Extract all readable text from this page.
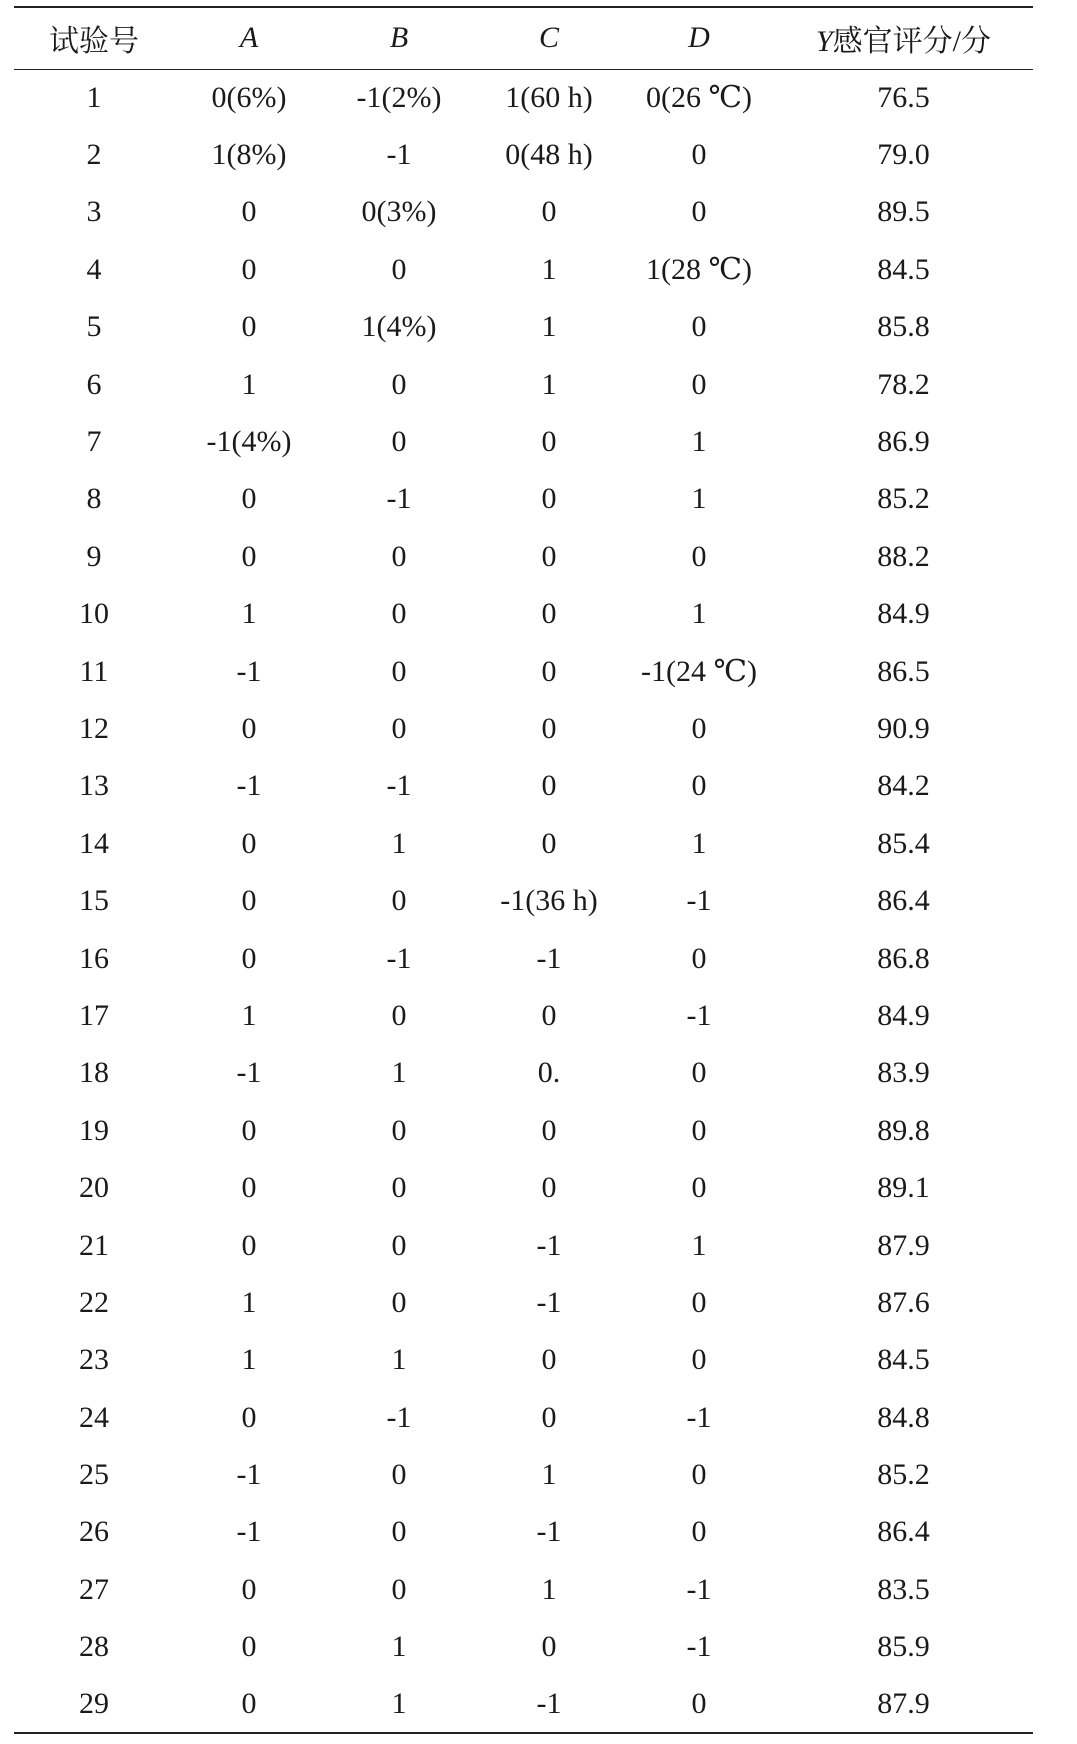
试验号	A	B	C	D	Y感官评分/分
1	0(6%)	-1(2%)	1(60 h)	0(26 ℃)	76.5
2	1(8%)	-1	0(48 h)	0	79.0
3	0	0(3%)	0	0	89.5
4	0	0	1	1(28 ℃)	84.5
5	0	1(4%)	1	0	85.8
6	1	0	1	0	78.2
7	-1(4%)	0	0	1	86.9
8	0	-1	0	1	85.2
9	0	0	0	0	88.2
10	1	0	0	1	84.9
11	-1	0	0	-1(24 ℃)	86.5
12	0	0	0	0	90.9
13	-1	-1	0	0	84.2
14	0	1	0	1	85.4
15	0	0	-1(36 h)	-1	86.4
16	0	-1	-1	0	86.8
17	1	0	0	-1	84.9
18	-1	1	0.	0	83.9
19	0	0	0	0	89.8
20	0	0	0	0	89.1
21	0	0	-1	1	87.9
22	1	0	-1	0	87.6
23	1	1	0	0	84.5
24	0	-1	0	-1	84.8
25	-1	0	1	0	85.2
26	-1	0	-1	0	86.4
27	0	0	1	-1	83.5
28	0	1	0	-1	85.9
29	0	1	-1	0	87.9
